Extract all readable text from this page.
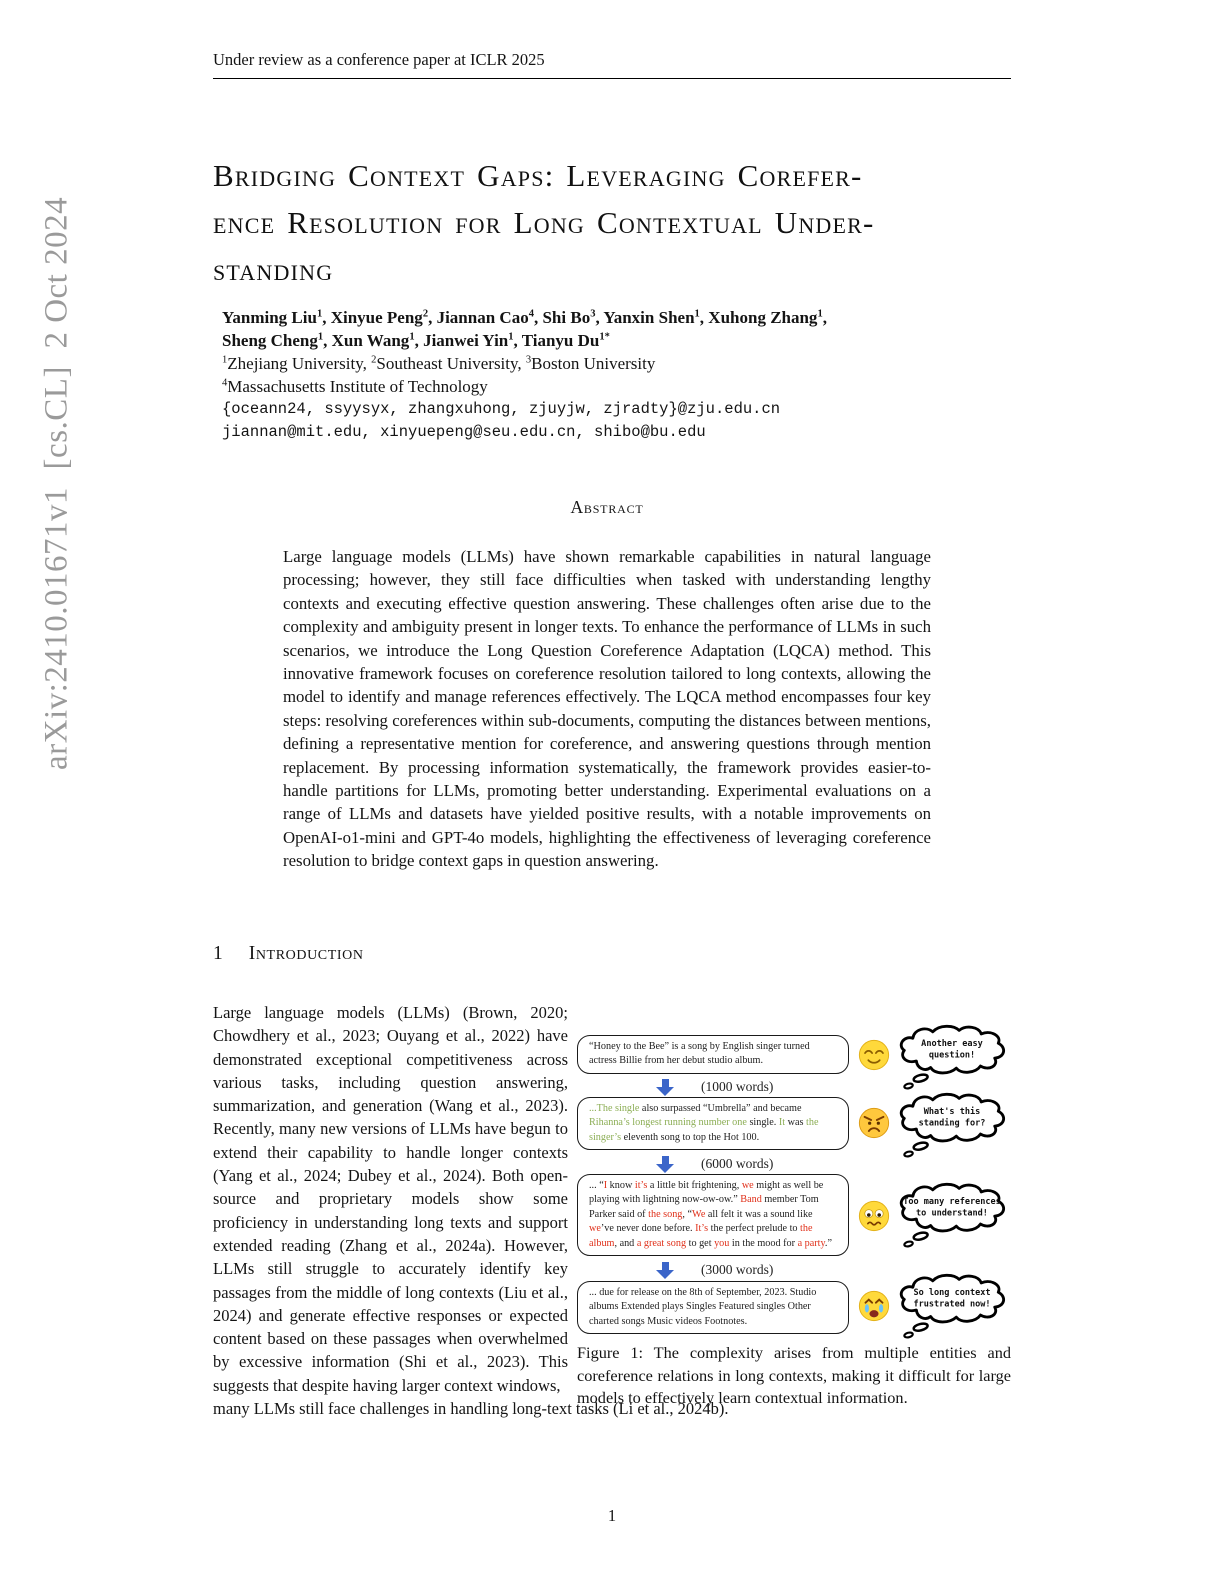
Under review as a conference paper at ICLR 2025
arXiv:2410.01671v1  [cs.CL]  2 Oct 2024
Bridging Context Gaps: Leveraging Corefer-
ence Resolution for Long Contextual Under-
standing
Yanming Liu$^1$, Xinyue Peng$^2$, Jiannan Cao$^4$, Shi Bo$^3$, Yanxin Shen$^1$, Xuhong Zhang$^1$,
Sheng Cheng$^1$, Xun Wang$^1$, Jianwei Yin$^1$, Tianyu $Du^{1*}$
$^1$Zhejiang University, $^2$Southeast University, $^3$Boston University
$^4$Massachusetts Institute of Technology
{oceann24, ssyysyx, zhangxuhong, zjuyjw, zjradty}@zju.edu.cn
jiannan@mit.edu, xinyuepeng@seu.edu.cn, shibo@bu.edu
Abstract
Large language models (LLMs) have shown remarkable capabilities in natural language processing; however, they still face difficulties when tasked with understanding lengthy contexts and executing effective question answering. These challenges often arise due to the complexity and ambiguity present in longer texts. To enhance the performance of LLMs in such scenarios, we introduce the Long Question Coreference Adaptation (LQCA) method. This innovative framework focuses on coreference resolution tailored to long contexts, allowing the model to identify and manage references effectively. The LQCA method encompasses four key steps: resolving coreferences within sub-documents, computing the distances between mentions, defining a representative mention for coreference, and answering questions through mention replacement. By processing information systematically, the framework provides easier-to-handle partitions for LLMs, promoting better understanding. Experimental evaluations on a range of LLMs and datasets have yielded positive results, with a notable improvements on OpenAI-o1-mini and GPT-4o models, highlighting the effectiveness of leveraging coreference resolution to bridge context gaps in question answering.
1 Introduction
Large language models (LLMs) (Brown, 2020; Chowdhery et al., 2023; Ouyang et al., 2022) have demonstrated exceptional competitiveness across various tasks, including question answering, summarization, and generation (Wang et al., 2023). Recently, many new versions of LLMs have begun to extend their capability to handle longer contexts (Yang et al., 2024; Dubey et al., 2024). Both open-source and proprietary models show some proficiency in understanding long texts and support extended reading (Zhang et al., 2024a). However, LLMs still struggle to accurately identify key passages from the middle of long contexts (Liu et al., 2024) and generate effective responses or expected content based on these passages when overwhelmed by excessive information (Shi et al., 2023). This suggests that despite having larger context windows,
many LLMs still face challenges in handling long-text tasks (Li et al., 2024b).
“Honey to the Bee” is a song by English singer turned actress Billie from her debut studio album.
(1000 words)
...The single also surpassed “Umbrella” and became Rihanna’s longest running number one single. It was the singer’s eleventh song to top the Hot 100.
(6000 words)
... “I know it’s a little bit frightening, we might as well be playing with lightning now-ow-ow.” Band member Tom Parker said of the song, “We all felt it was a sound like we’ve never done before. It’s the perfect prelude to the album, and a great song to get you in the mood for a party.”
(3000 words)
... due for release on the 8th of September, 2023. Studio albums Extended plays Singles Featured singles Other charted songs Music videos Footnotes.
Another easy
question!
What's this
standing for?
Too many references
to understand!
So long context
frustrated now!
Figure 1: The complexity arises from multiple entities and coreference relations in long contexts, making it difficult for large models to effectively learn contextual information.
1
